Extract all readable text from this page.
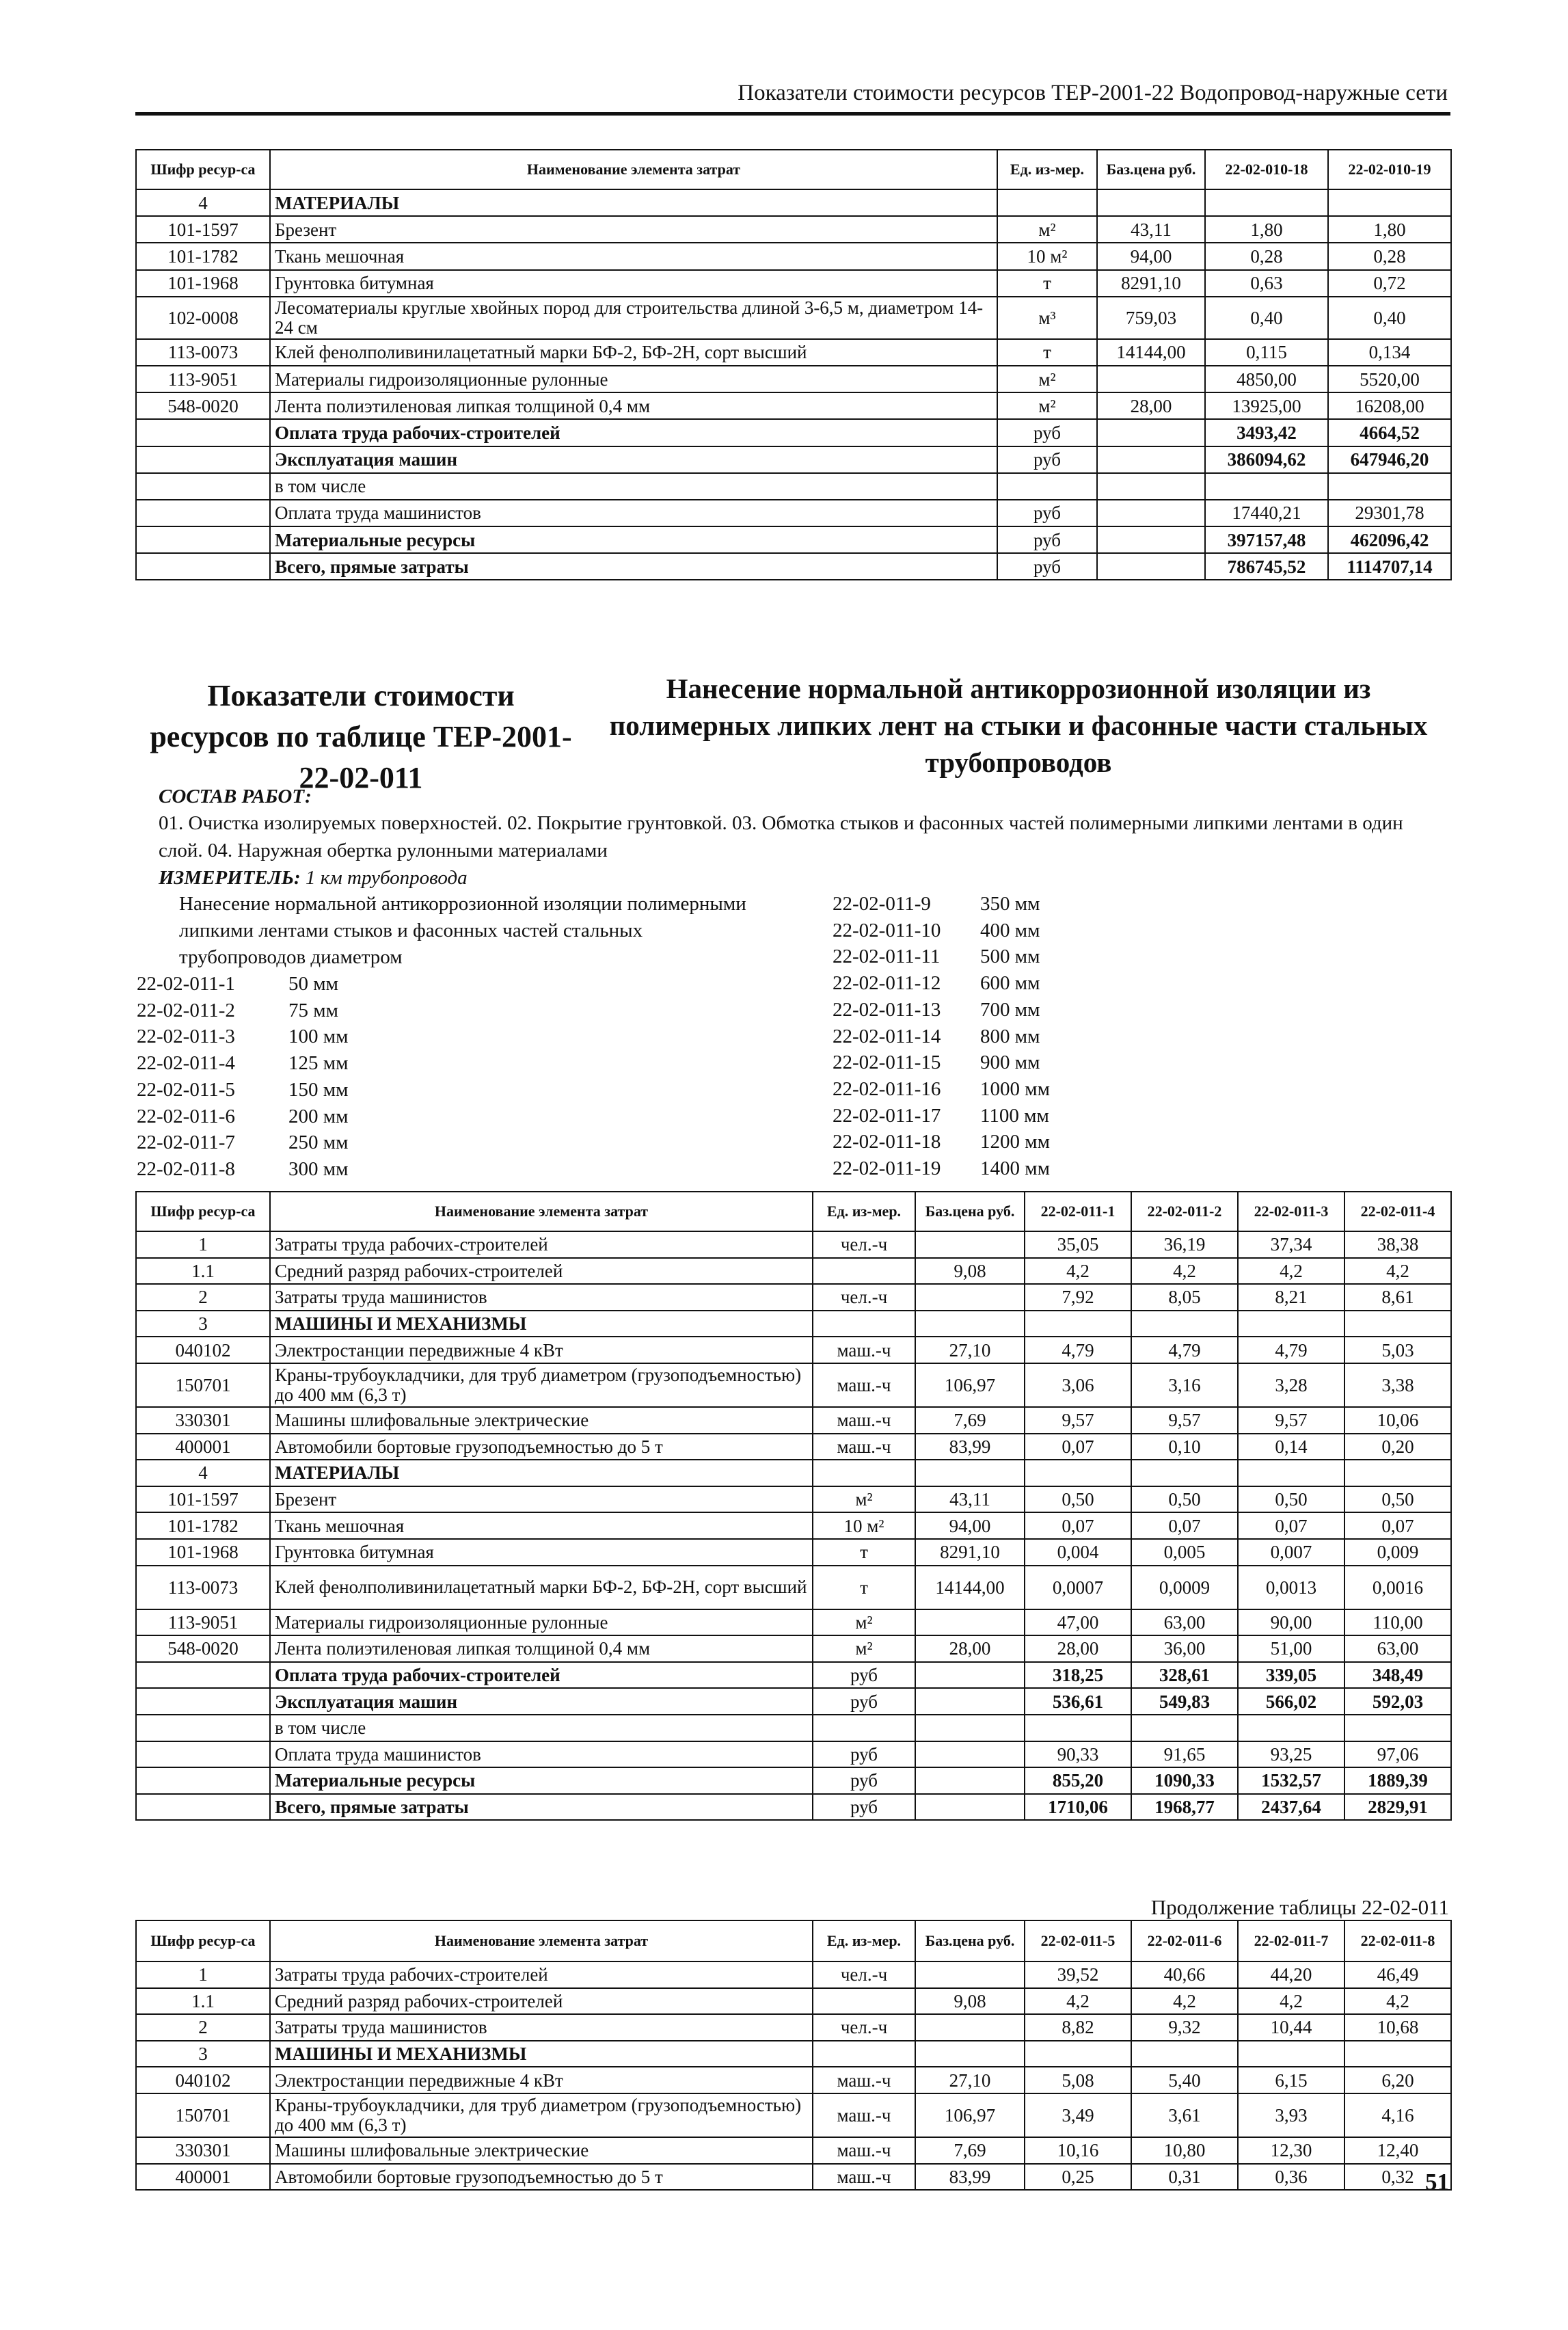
Показатели стоимости ресурсов ТЕР-2001-22 Водопровод-наружные сети
Шифр ресур-са	Наименование элемента затрат	Ед. из-мер.	Баз.цена руб.	22-02-010-18	22-02-010-19
4	МАТЕРИАЛЫ				
101-1597	Брезент	м²	43,11	1,80	1,80
101-1782	Ткань мешочная	10 м²	94,00	0,28	0,28
101-1968	Грунтовка битумная	т	8291,10	0,63	0,72
102-0008	Лесоматериалы круглые хвойных пород для строительства длиной 3-6,5 м, диаметром 14-24 см	м³	759,03	0,40	0,40
113-0073	Клей фенолполивинилацетатный марки БФ-2, БФ-2Н, сорт высший	т	14144,00	0,115	0,134
113-9051	Материалы гидроизоляционные рулонные	м²		4850,00	5520,00
548-0020	Лента полиэтиленовая липкая толщиной 0,4 мм	м²	28,00	13925,00	16208,00
	Оплата труда рабочих-строителей	руб		3493,42	4664,52
	Эксплуатация машин	руб		386094,62	647946,20
	в том числе				
	Оплата труда машинистов	руб		17440,21	29301,78
	Материальные ресурсы	руб		397157,48	462096,42
	Всего, прямые затраты	руб		786745,52	1114707,14
Показатели стоимости ресурсов по таблице ТЕР-2001-22-02-011
Нанесение нормальной антикоррозионной изоляции из полимерных липких лент на стыки и фасонные части стальных трубопроводов
СОСТАВ РАБОТ:
01. Очистка изолируемых поверхностей. 02. Покрытие грунтовкой. 03. Обмотка стыков и фасонных частей полимерными липкими лентами в один слой. 04. Наружная обертка рулонными материалами
ИЗМЕРИТЕЛЬ: 1 км трубопровода
Нанесение нормальной антикоррозионной изоляции полимерными липкими лентами стыков и фасонных частей стальных трубопроводов диаметром
22-02-011-1	50 мм
22-02-011-2	75 мм
22-02-011-3	100 мм
22-02-011-4	125 мм
22-02-011-5	150 мм
22-02-011-6	200 мм
22-02-011-7	250 мм
22-02-011-8	300 мм
22-02-011-9 350 мм
22-02-011-10 400 мм
22-02-011-11 500 мм
22-02-011-12 600 мм
22-02-011-13 700 мм
22-02-011-14 800 мм
22-02-011-15 900 мм
22-02-011-16 1000 мм
22-02-011-17 1100 мм
22-02-011-18 1200 мм
22-02-011-19 1400 мм
Шифр ресур-са	Наименование элемента затрат	Ед. из-мер.	Баз.цена руб.	22-02-011-1	22-02-011-2	22-02-011-3	22-02-011-4
1	Затраты труда рабочих-строителей	чел.-ч		35,05	36,19	37,34	38,38
1.1	Средний разряд рабочих-строителей		9,08	4,2	4,2	4,2	4,2
2	Затраты труда машинистов	чел.-ч		7,92	8,05	8,21	8,61
3	МАШИНЫ И МЕХАНИЗМЫ						
040102	Электростанции передвижные 4 кВт	маш.-ч	27,10	4,79	4,79	4,79	5,03
150701	Краны-трубоукладчики, для труб диаметром (грузоподъемностью) до 400 мм (6,3 т)	маш.-ч	106,97	3,06	3,16	3,28	3,38
330301	Машины шлифовальные электрические	маш.-ч	7,69	9,57	9,57	9,57	10,06
400001	Автомобили бортовые грузоподъемностью до 5 т	маш.-ч	83,99	0,07	0,10	0,14	0,20
4	МАТЕРИАЛЫ						
101-1597	Брезент	м²	43,11	0,50	0,50	0,50	0,50
101-1782	Ткань мешочная	10 м²	94,00	0,07	0,07	0,07	0,07
101-1968	Грунтовка битумная	т	8291,10	0,004	0,005	0,007	0,009
113-0073	Клей фенолполивинилацетатный марки БФ-2, БФ-2Н, сорт высший	т	14144,00	0,0007	0,0009	0,0013	0,0016
113-9051	Материалы гидроизоляционные рулонные	м²		47,00	63,00	90,00	110,00
548-0020	Лента полиэтиленовая липкая толщиной 0,4 мм	м²	28,00	28,00	36,00	51,00	63,00
	Оплата труда рабочих-строителей	руб		318,25	328,61	339,05	348,49
	Эксплуатация машин	руб		536,61	549,83	566,02	592,03
	в том числе						
	Оплата труда машинистов	руб		90,33	91,65	93,25	97,06
	Материальные ресурсы	руб		855,20	1090,33	1532,57	1889,39
	Всего, прямые затраты	руб		1710,06	1968,77	2437,64	2829,91
Продолжение таблицы 22-02-011
Шифр ресур-са	Наименование элемента затрат	Ед. из-мер.	Баз.цена руб.	22-02-011-5	22-02-011-6	22-02-011-7	22-02-011-8
1	Затраты труда рабочих-строителей	чел.-ч		39,52	40,66	44,20	46,49
1.1	Средний разряд рабочих-строителей		9,08	4,2	4,2	4,2	4,2
2	Затраты труда машинистов	чел.-ч		8,82	9,32	10,44	10,68
3	МАШИНЫ И МЕХАНИЗМЫ						
040102	Электростанции передвижные 4 кВт	маш.-ч	27,10	5,08	5,40	6,15	6,20
150701	Краны-трубоукладчики, для труб диаметром (грузоподъемностью) до 400 мм (6,3 т)	маш.-ч	106,97	3,49	3,61	3,93	4,16
330301	Машины шлифовальные электрические	маш.-ч	7,69	10,16	10,80	12,30	12,40
400001	Автомобили бортовые грузоподъемностью до 5 т	маш.-ч	83,99	0,25	0,31	0,36	0,32 51
